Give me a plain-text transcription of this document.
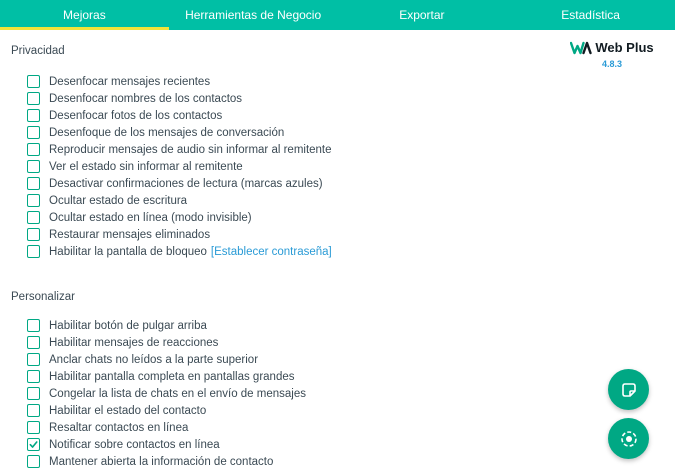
Mejoras	Herramientas de Negocio	Exportar	Estadística
Web Plus
4.8.3
Privacidad
Desenfocar mensajes recientes
Desenfocar nombres de los contactos
Desenfocar fotos de los contactos
Desenfoque de los mensajes de conversación
Reproducir mensajes de audio sin informar al remitente
Ver el estado sin informar al remitente
Desactivar confirmaciones de lectura (marcas azules)
Ocultar estado de escritura
Ocultar estado en línea (modo invisible)
Restaurar mensajes eliminados
Habilitar la pantalla de bloqueo [Establecer contraseña]
Personalizar
Habilitar botón de pulgar arriba
Habilitar mensajes de reacciones
Anclar chats no leídos a la parte superior
Habilitar pantalla completa en pantallas grandes
Congelar la lista de chats en el envío de mensajes
Habilitar el estado del contacto
Resaltar contactos en línea
Notificar sobre contactos en línea
Mantener abierta la información de contacto
